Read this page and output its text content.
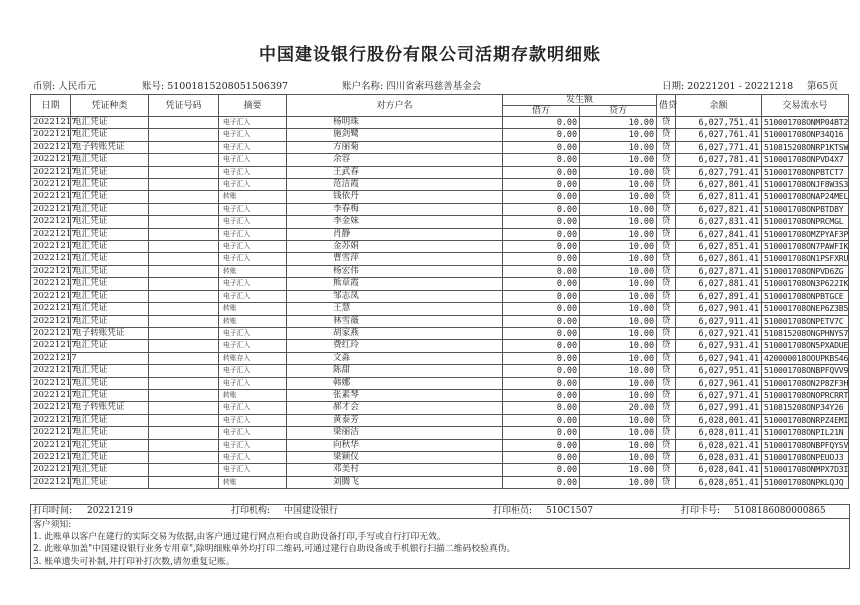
中国建设银行股份有限公司活期存款明细账
币别: 人民币元	账号: 51001815208051506397	账户名称: 四川省索玛慈善基金会	日期: 20221201 - 20221218 第65页
日期	凭证种类	凭证号码	摘要	对方户名	发生额		借贷	余额	交易流水号
					借方	贷方			
20221217	电汇凭证		电子汇入	杨明珠	0.00	10.00	贷	6,027,751.41	510001708ONMP04BT2
20221217	电汇凭证		电子汇入	施剑鹭	0.00	10.00	贷	6,027,761.41	510001708ONP34Q16
20221217	电子转账凭证		电子汇入	方丽菊	0.00	10.00	贷	6,027,771.41	510815208ONRP1KTSW
20221217	电汇凭证		电子汇入	余容	0.00	10.00	贷	6,027,781.41	510001708ONPVD4X7
20221217	电汇凭证		电子汇入	王武春	0.00	10.00	贷	6,027,791.41	510001708ONPBTCT7
20221217	电汇凭证		电子汇入	范洁霞	0.00	10.00	贷	6,027,801.41	510001708ONJF8W3S3
20221217	电汇凭证		转账	钱依丹	0.00	10.00	贷	6,027,811.41	510001708ONAP24MEL
20221217	电汇凭证		电子汇入	李春梅	0.00	10.00	贷	6,027,821.41	510001708ONPBTDBY
20221217	电汇凭证		电子汇入	李金妹	0.00	10.00	贷	6,027,831.41	510001708ONPRCMGL
20221217	电汇凭证		电子汇入	肖静	0.00	10.00	贷	6,027,841.41	510001708OMZPYAF3P
20221217	电汇凭证		电子汇入	金苏娟	0.00	10.00	贷	6,027,851.41	510001708ON7PAWFIK
20221217	电汇凭证		电子汇入	曹雪萍	0.00	10.00	贷	6,027,861.41	510001708ON1PSFXRU
20221217	电汇凭证		转账	杨宏伟	0.00	10.00	贷	6,027,871.41	510001708ONPVD6ZG
20221217	电汇凭证		电子汇入	熊章霞	0.00	10.00	贷	6,027,881.41	510001708ON3P622IK
20221217	电汇凭证		电子汇入	邹志凤	0.00	10.00	贷	6,027,891.41	510001708ONPBTGCE
20221217	电汇凭证		转账	王慧	0.00	10.00	贷	6,027,901.41	510001708ONEP6Z3B5
20221217	电汇凭证		转账	林雪薇	0.00	10.00	贷	6,027,911.41	510001708ONPETV7C
20221217	电子转账凭证		电子汇入	胡家燕	0.00	10.00	贷	6,027,921.41	510815208ONGPHNYS7
20221217	电汇凭证		电子汇入	费红玲	0.00	10.00	贷	6,027,931.41	510001708ON5PXADUE
20221217			转账存入	文淼	0.00	10.00	贷	6,027,941.41	420000018OOUPKBS46
20221217	电汇凭证		电子汇入	陈甜	0.00	10.00	贷	6,027,951.41	510001708ONBPFQVV9
20221217	电汇凭证		电子汇入	韩娜	0.00	10.00	贷	6,027,961.41	510001708ON2P8ZF3H
20221217	电汇凭证		转账	张素琴	0.00	10.00	贷	6,027,971.41	510001708ONOPRCRRT
20221217	电子转账凭证		电子汇入	郝才会	0.00	20.00	贷	6,027,991.41	510815208ONP34Y26
20221217	电汇凭证		电子汇入	黄泰芳	0.00	10.00	贷	6,028,001.41	510001708ONRPZ4EMI
20221217	电汇凭证		电子汇入	梁丽洁	0.00	10.00	贷	6,028,011.41	510001708ONPIL21N
20221217	电汇凭证		电子汇入	向秋华	0.00	10.00	贷	6,028,021.41	510001708ONBPFQYSV
20221217	电汇凭证		电子汇入	梁颖仪	0.00	10.00	贷	6,028,031.41	510001708ONPEUOJ3
20221217	电汇凭证		电子汇入	邓美村	0.00	10.00	贷	6,028,041.41	510001708ONMPX7D3I
20221217	电汇凭证		转账	刘腾飞	0.00	10.00	贷	6,028,051.41	510001708ONPKLQJQ
打印时间: 20221219	打印机构: 中国建设银行	打印柜员: 510C1507	打印卡号: 5108186080000865
客户须知:
1. 此账单以客户在建行的实际交易为依据,由客户通过建行网点柜台或自助设备打印,手写或自行打印无效。
2. 此账单加盖"中国建设银行业务专用章",除明细账单外均打印二维码,可通过建行自助设备或手机银行扫描二维码校验真伪。
3. 账单遗失可补制,并打印补打次数,请勿重复记账。
